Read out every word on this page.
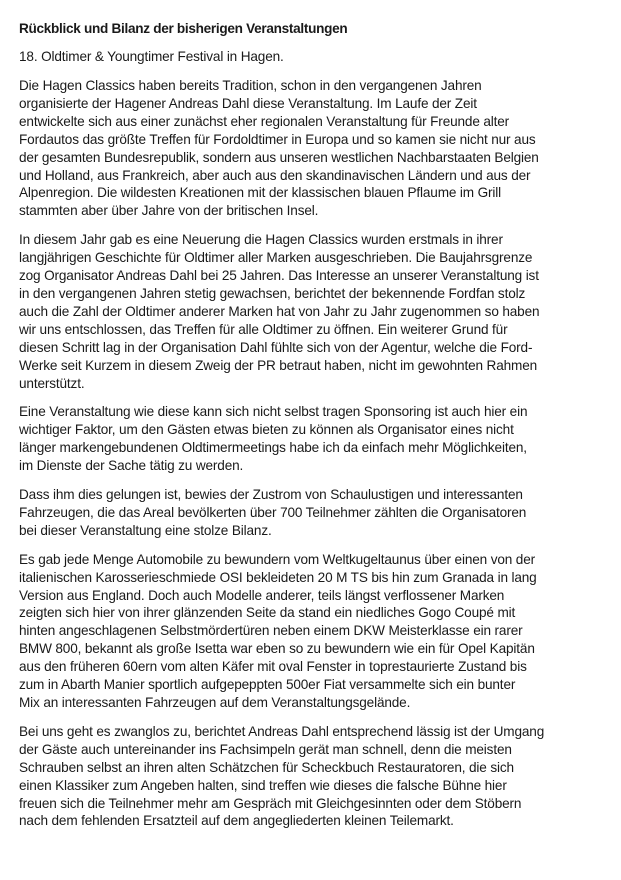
Rückblick und Bilanz der bisherigen Veranstaltungen
18. Oldtimer & Youngtimer Festival in Hagen.

Die Hagen Classics haben bereits Tradition, schon in den vergangenen Jahren
organisierte der Hagener Andreas Dahl diese Veranstaltung. Im Laufe der Zeit
entwickelte sich aus einer zunächst eher regionalen Veranstaltung für Freunde alter
Fordautos das größte Treffen für Fordoldtimer in Europa und so kamen sie nicht nur aus
der gesamten Bundesrepublik, sondern aus unseren westlichen Nachbarstaaten Belgien
und Holland, aus Frankreich, aber auch aus den skandinavischen Ländern und aus der
Alpenregion. Die wildesten Kreationen mit der klassischen blauen Pflaume im Grill
stammten aber über Jahre von der britischen Insel.

In diesem Jahr gab es eine Neuerung die Hagen Classics wurden erstmals in ihrer
langjährigen Geschichte für Oldtimer aller Marken ausgeschrieben. Die Baujahrsgrenze
zog Organisator Andreas Dahl bei 25 Jahren. Das Interesse an unserer Veranstaltung ist
in den vergangenen Jahren stetig gewachsen, berichtet der bekennende Fordfan stolz
auch die Zahl der Oldtimer anderer Marken hat von Jahr zu Jahr zugenommen so haben
wir uns entschlossen, das Treffen für alle Oldtimer zu öffnen. Ein weiterer Grund für
diesen Schritt lag in der Organisation Dahl fühlte sich von der Agentur, welche die Ford-
Werke seit Kurzem in diesem Zweig der PR betraut haben, nicht im gewohnten Rahmen
unterstützt.

Eine Veranstaltung wie diese kann sich nicht selbst tragen Sponsoring ist auch hier ein
wichtiger Faktor, um den Gästen etwas bieten zu können als Organisator eines nicht
länger markengebundenen Oldtimermeetings habe ich da einfach mehr Möglichkeiten,
im Dienste der Sache tätig zu werden.

Dass ihm dies gelungen ist, bewies der Zustrom von Schaulustigen und interessanten
Fahrzeugen, die das Areal bevölkerten über 700 Teilnehmer zählten die Organisatoren
bei dieser Veranstaltung eine stolze Bilanz.

Es gab jede Menge Automobile zu bewundern vom Weltkugeltaunus über einen von der
italienischen Karosserieschmiede OSI bekleideten 20 M TS bis hin zum Granada in lang
Version aus England. Doch auch Modelle anderer, teils längst verflossener Marken
zeigten sich hier von ihrer glänzenden Seite da stand ein niedliches Gogo Coupé mit
hinten angeschlagenen Selbstmördertüren neben einem DKW Meisterklasse ein rarer
BMW 800, bekannt als große Isetta war eben so zu bewundern wie ein für Opel Kapitän
aus den früheren 60ern vom alten Käfer mit oval Fenster in toprestaurierte Zustand bis
zum in Abarth Manier sportlich aufgepeppten 500er Fiat versammelte sich ein bunter
Mix an interessanten Fahrzeugen auf dem Veranstaltungsgelände.

Bei uns geht es zwanglos zu, berichtet Andreas Dahl entsprechend lässig ist der Umgang
der Gäste auch untereinander ins Fachsimpeln gerät man schnell, denn die meisten
Schrauben selbst an ihren alten Schätzchen für Scheckbuch Restauratoren, die sich
einen Klassiker zum Angeben halten, sind treffen wie dieses die falsche Bühne hier
freuen sich die Teilnehmer mehr am Gespräch mit Gleichgesinnten oder dem Stöbern
nach dem fehlenden Ersatzteil auf dem angegliederten kleinen Teilemarkt.
